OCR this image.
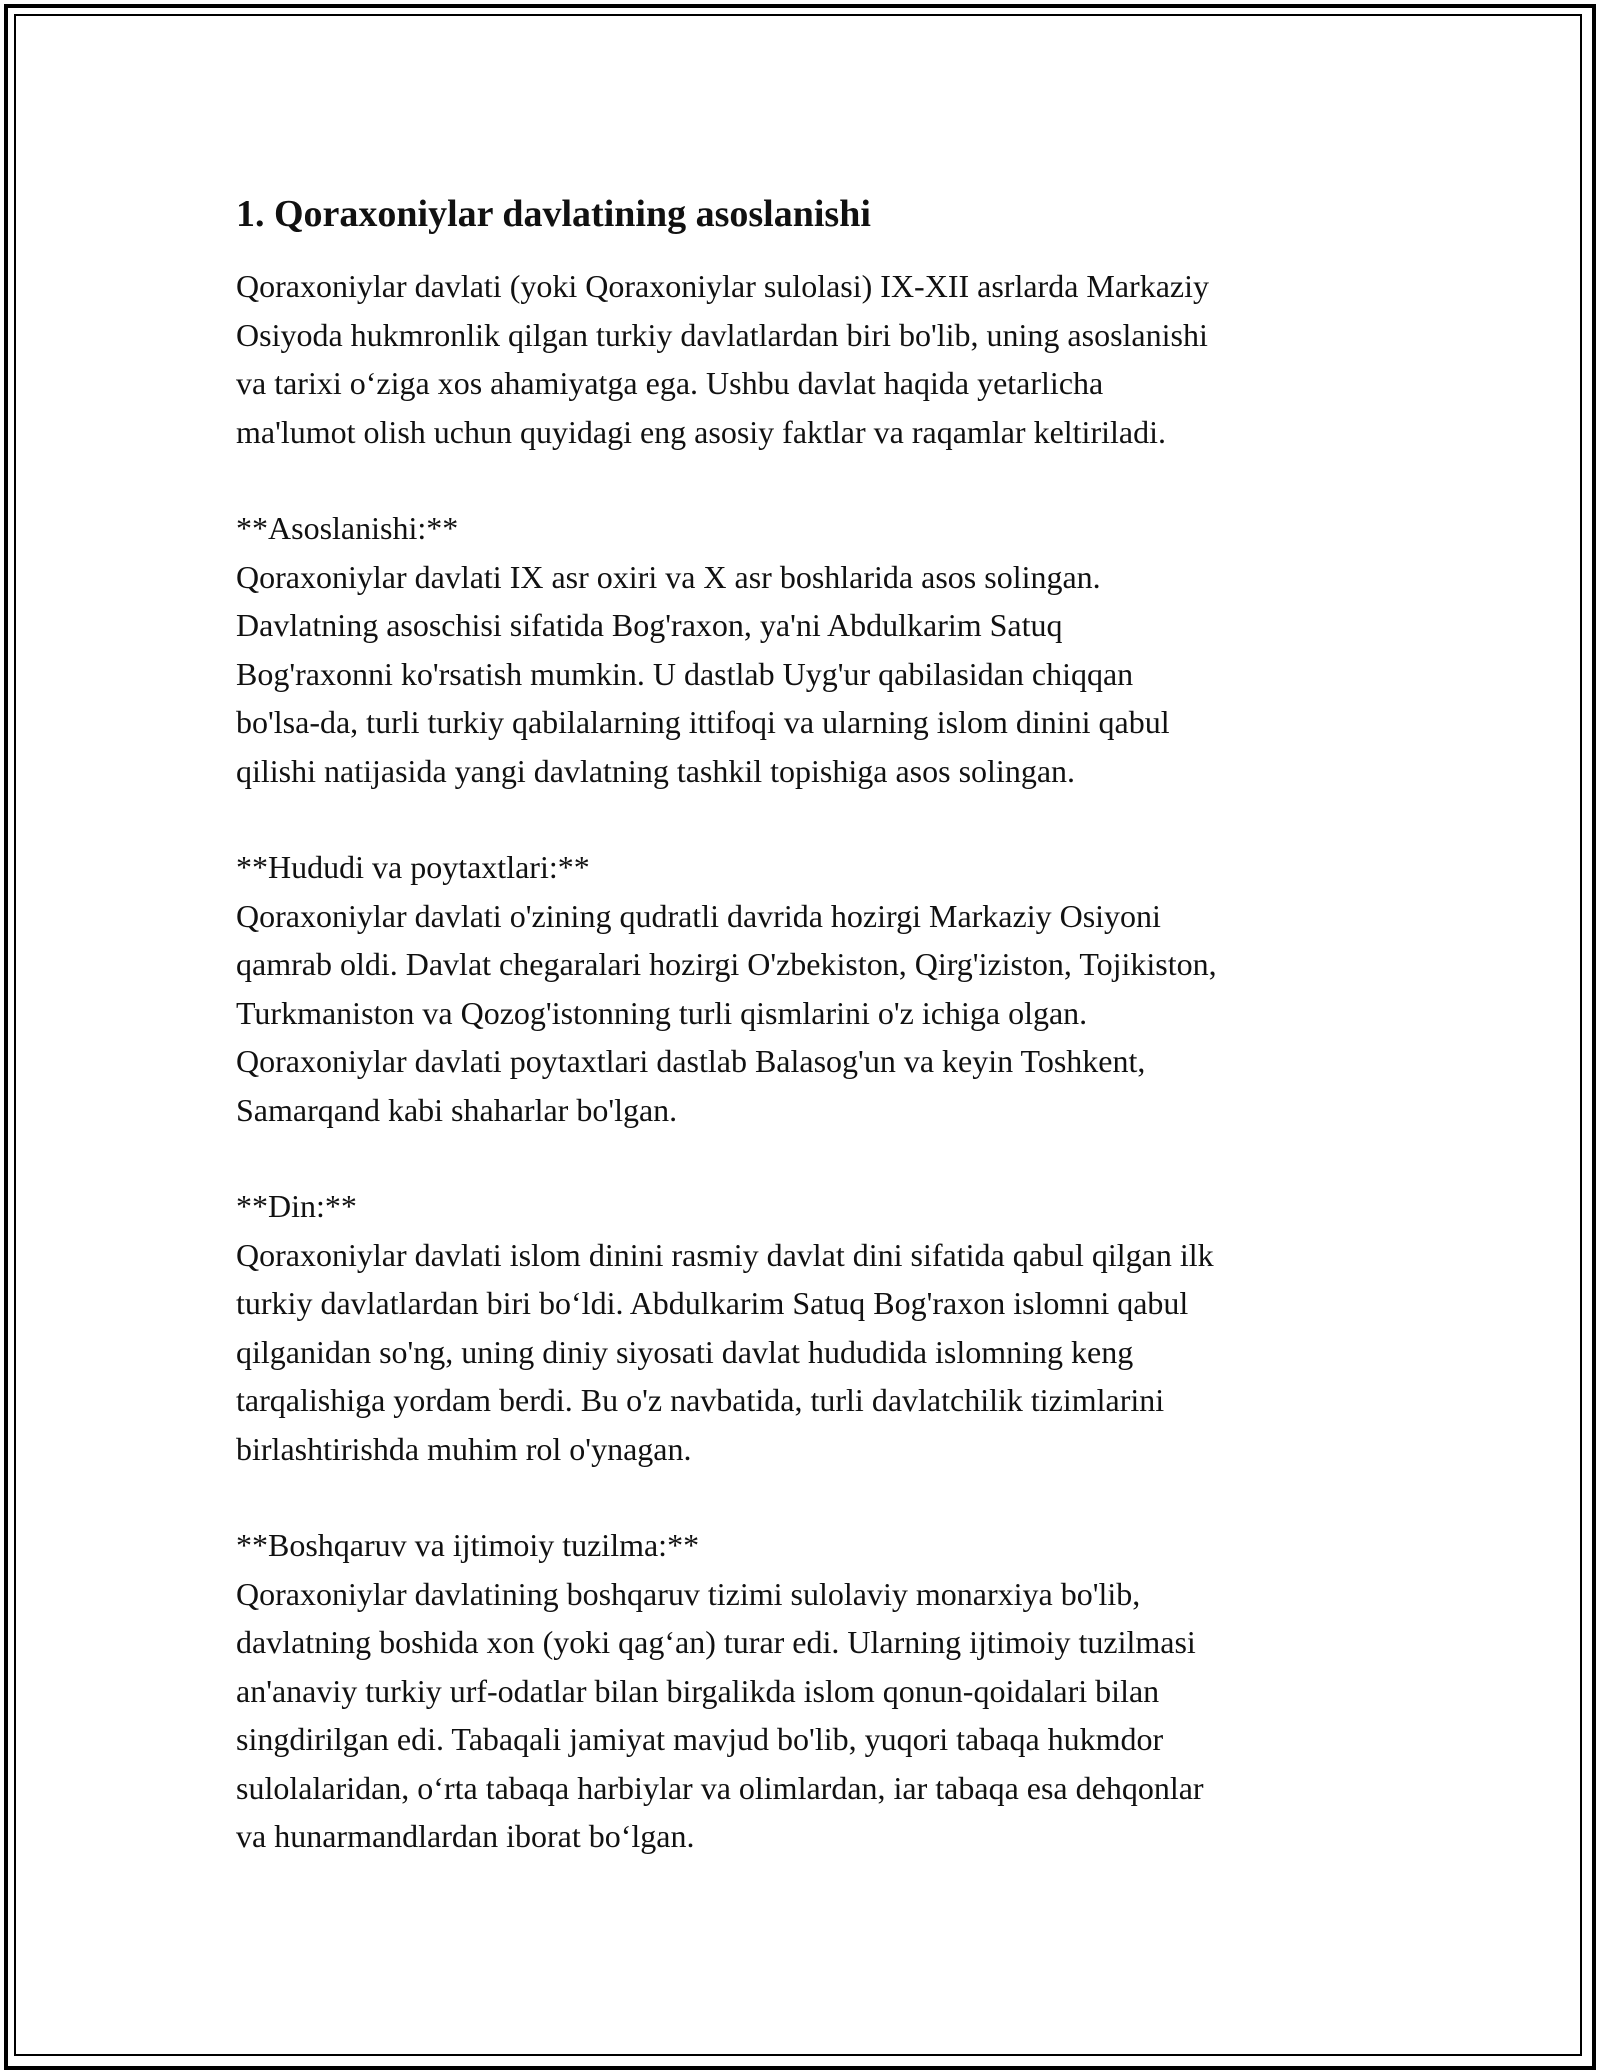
1. Qoraxoniylar davlatining asoslanishi

Qoraxoniylar davlati (yoki Qoraxoniylar sulolasi) IX-XII asrlarda Markaziy
Osiyoda hukmronlik qilgan turkiy davlatlardan biri bo'lib, uning asoslanishi
va tarixi o‘ziga xos ahamiyatga ega. Ushbu davlat haqida yetarlicha
ma'lumot olish uchun quyidagi eng asosiy faktlar va raqamlar keltiriladi.

**Asoslanishi:**

Qoraxoniylar davlati IX asr oxiri va X asr boshlarida asos solingan.
Davlatning asoschisi sifatida Bog'raxon, ya'ni Abdulkarim Satuq
Bog'raxonni ko'rsatish mumkin. U dastlab Uyg'ur qabilasidan chiqqan
bo'lsa-da, turli turkiy qabilalarning ittifoqi va ularning islom dinini qabul
qilishi natijasida yangi davlatning tashkil topishiga asos solingan.

**Hududi va poytaxtlari:**

Qoraxoniylar davlati o'zining qudratli davrida hozirgi Markaziy Osiyoni
qamrab oldi. Davlat chegaralari hozirgi O'zbekiston, Qirg'iziston, Tojikiston,
Turkmaniston va Qozog'istonning turli qismlarini o'z ichiga olgan.
Qoraxoniylar davlati poytaxtlari dastlab Balasog'un va keyin Toshkent,
Samarqand kabi shaharlar bo'lgan.

**Din:**

Qoraxoniylar davlati islom dinini rasmiy davlat dini sifatida qabul qilgan ilk
turkiy davlatlardan biri bo‘ldi. Abdulkarim Satuq Bog'raxon islomni qabul
qilganidan so'ng, uning diniy siyosati davlat hududida islomning keng
tarqalishiga yordam berdi. Bu o'z navbatida, turli davlatchilik tizimlarini
birlashtirishda muhim rol o'ynagan.

**Boshqaruv va ijtimoiy tuzilma:**

Qoraxoniylar davlatining boshqaruv tizimi sulolaviy monarxiya bo'lib,
davlatning boshida xon (yoki qag‘an) turar edi. Ularning ijtimoiy tuzilmasi
an'anaviy turkiy urf-odatlar bilan birgalikda islom qonun-qoidalari bilan
singdirilgan edi. Tabaqali jamiyat mavjud bo'lib, yuqori tabaqa hukmdor
sulolalaridan, o‘rta tabaqa harbiylar va olimlardan, iar tabaqa esa dehqonlar
va hunarmandlardan iborat bo‘lgan.
